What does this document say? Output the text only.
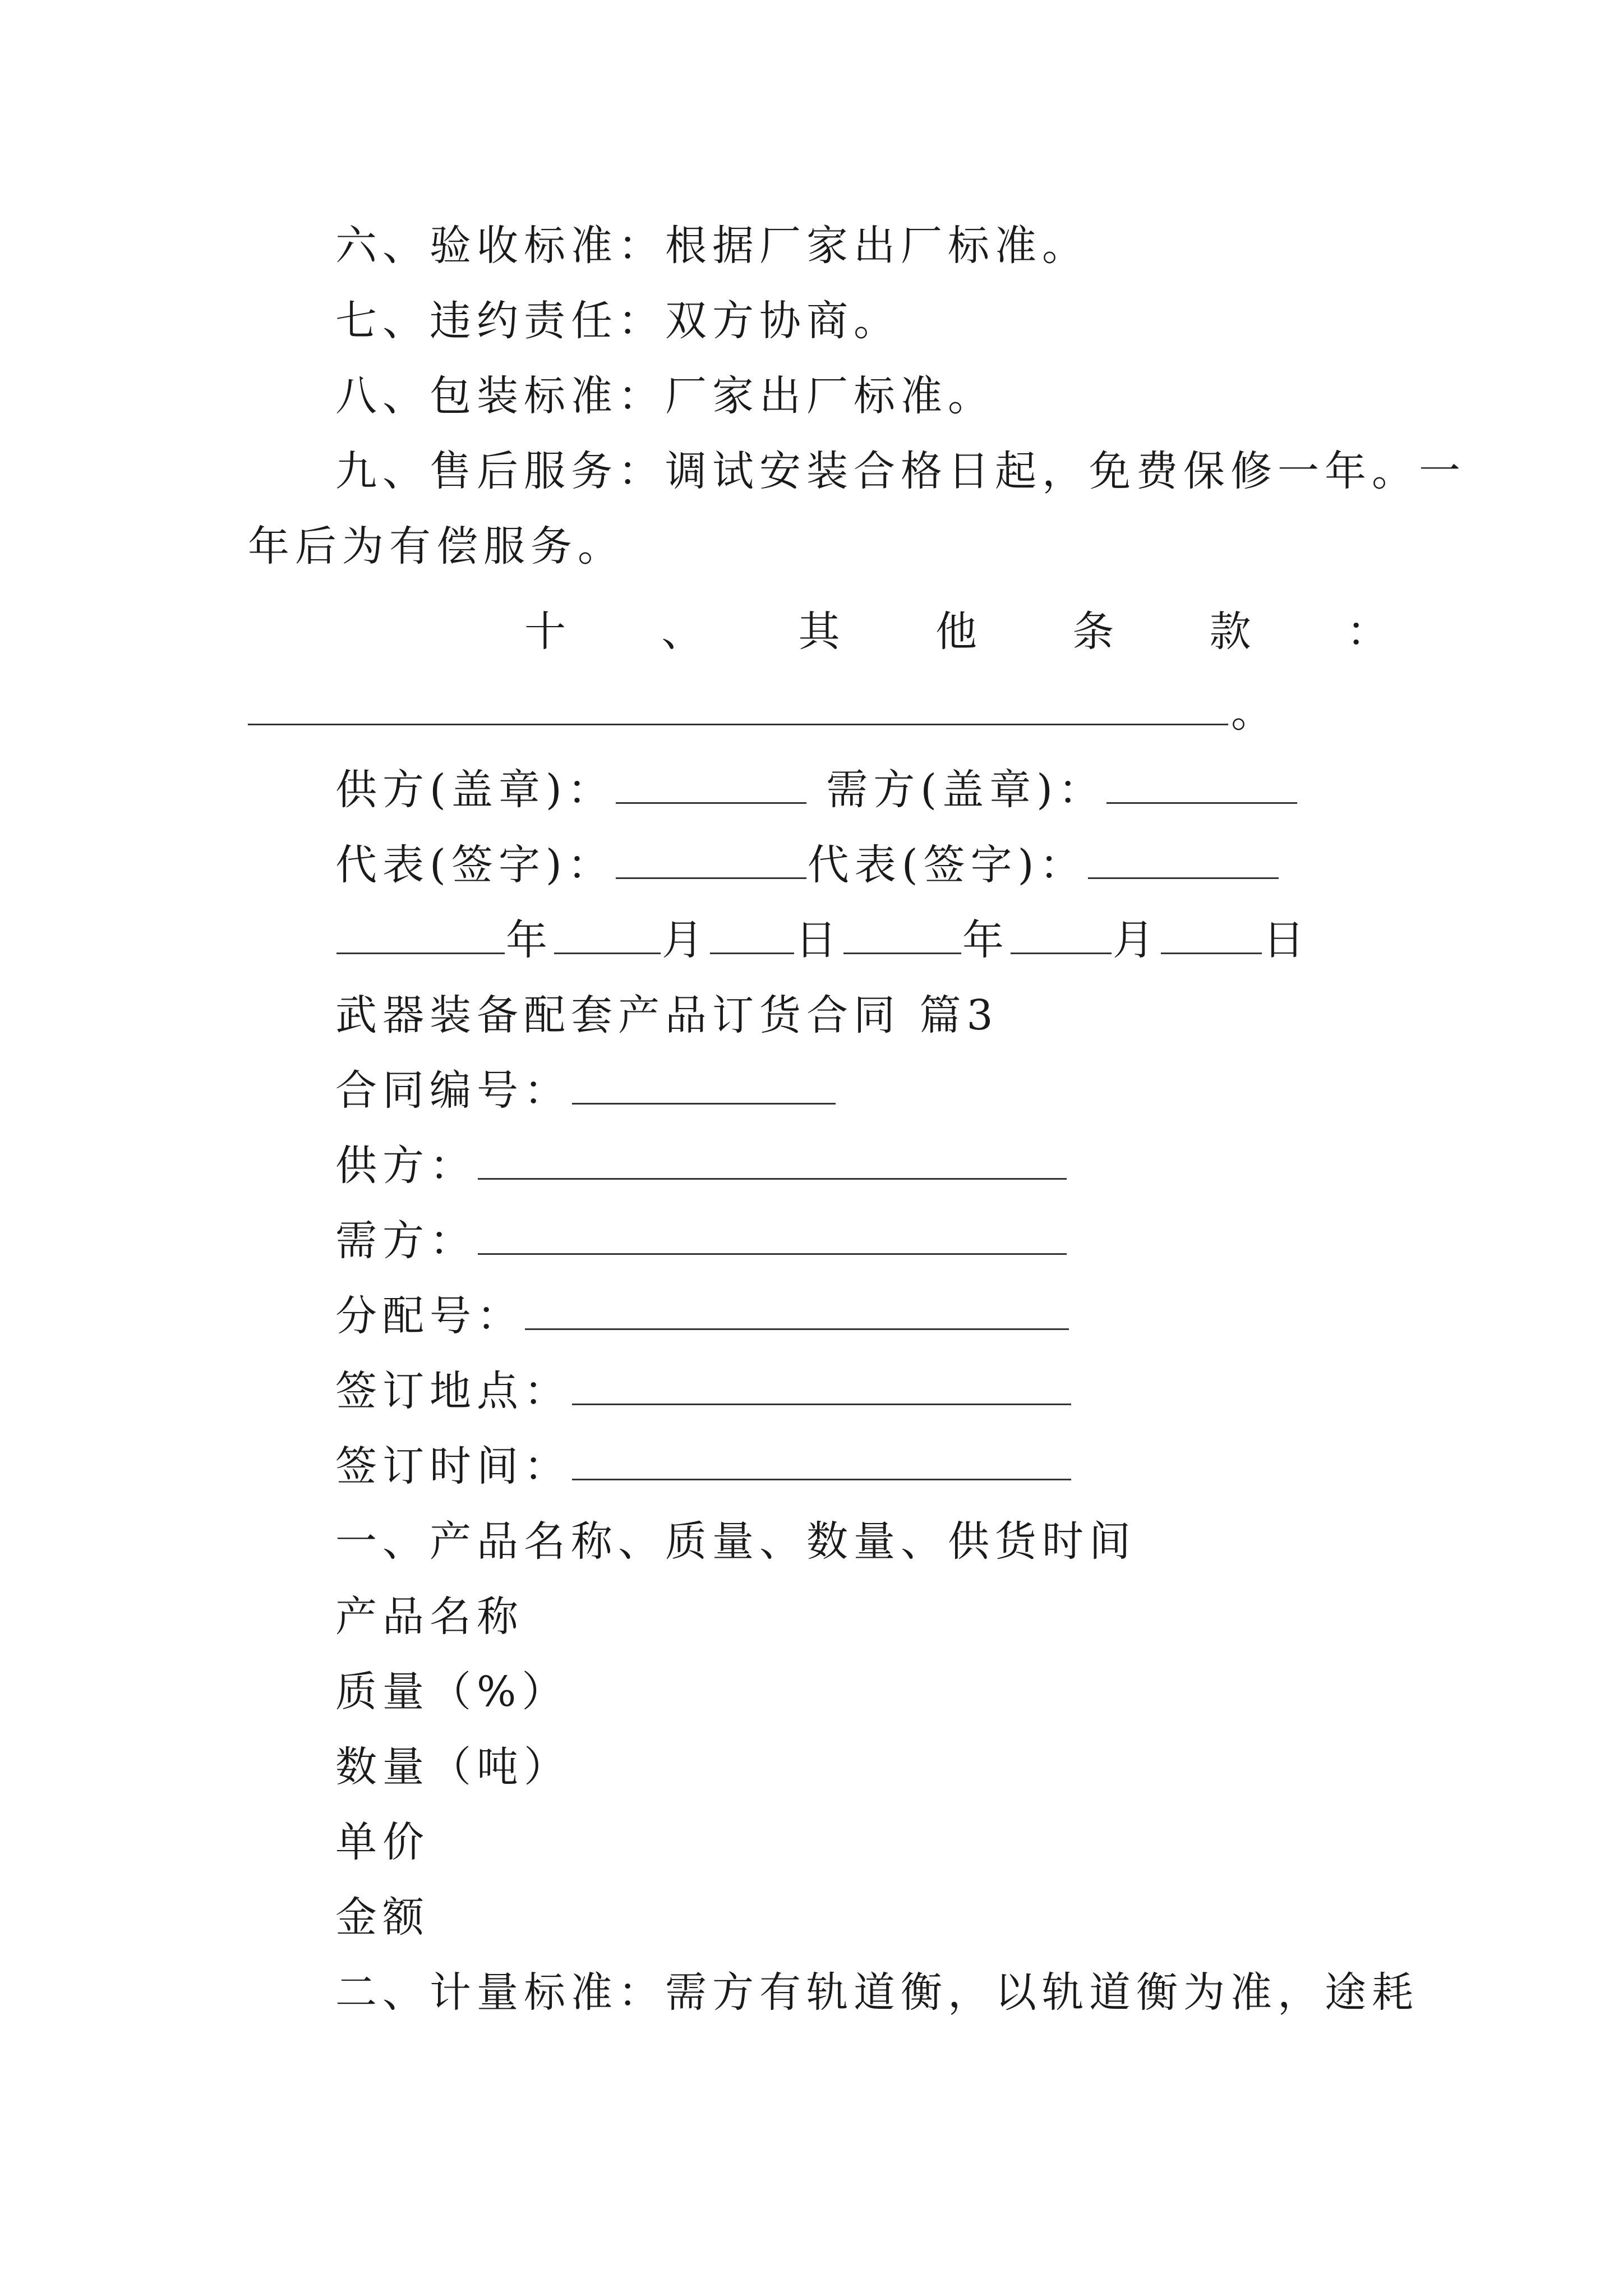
六、验收标准：根据厂家出厂标准。
七、违约责任：双方协商。
八、包装标准：厂家出厂标准。
九、售后服务：调试安装合格日起，免费保修一年。一
年后为有偿服务。
十 、 其 他 条 款 ：
。
供方(盖章)：	需方(盖章)：
代表(签字)：	代表(签字)：
年	月 日	年 月 日
武器装备配套产品订货合同 篇3
合同编号：
供方：
需方：
分配号：
签订地点：
签订时间：
一、产品名称、质量、数量、供货时间
产品名称
质量（%）
数量（吨）
单价
金额
二、计量标准：需方有轨道衡，以轨道衡为准，途耗
